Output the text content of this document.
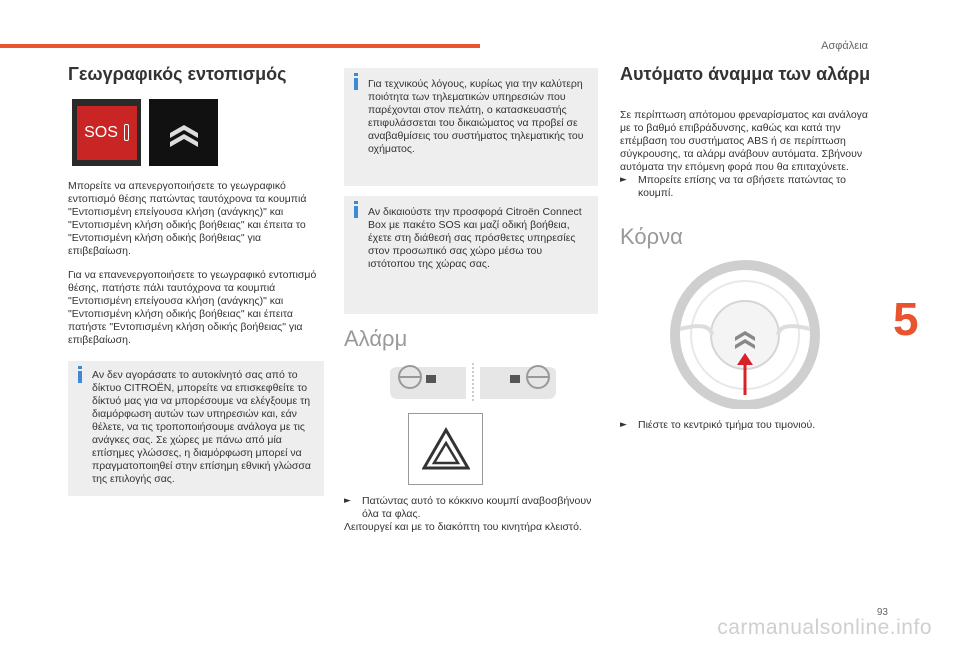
Ασφάλεια
5
93
carmanualsonline.info
Γεωγραφικός εντοπισμός
SOS

Μπορείτε να απενεργοποιήσετε το γεωγραφικό εντοπισμό θέσης πατώντας ταυτόχρονα τα κουμπιά "Εντοπισμένη επείγουσα κλήση (ανάγκης)" και "Εντοπισμένη κλήση οδικής βοήθειας" και έπειτα το "Εντοπισμένη κλήση οδικής βοήθειας" για επιβεβαίωση.

Για να επανενεργοποιήσετε το γεωγραφικό εντοπισμό θέσης, πατήστε πάλι ταυτόχρονα τα κουμπιά "Εντοπισμένη επείγουσα κλήση (ανάγκης)" και "Εντοπισμένη κλήση οδικής βοήθειας" και έπειτα πατήστε "Εντοπισμένη κλήση οδικής βοήθειας" για επιβεβαίωση.

Αν δεν αγοράσατε το αυτοκίνητό σας από το δίκτυο CITROËN, μπορείτε να επισκεφθείτε το δίκτυό μας για να μπορέσουμε να ελέγξουμε τη διαμόρφωση αυτών των υπηρεσιών και, εάν θέλετε, να τις τροποποιήσουμε ανάλογα με τις ανάγκες σας. Σε χώρες με πάνω από μία επίσημες γλώσσες, η διαμόρφωση μπορεί να πραγματοποιηθεί στην επίσημη εθνική γλώσσα της επιλογής σας.
Για τεχνικούς λόγους, κυρίως για την καλύτερη ποιότητα των τηλεματικών υπηρεσιών που παρέχονται στον πελάτη, ο κατασκευαστής επιφυλάσσεται του δικαιώματος να προβεί σε αναβαθμίσεις του συστήματος τηλεματικής του οχήματος.
Αν δικαιούστε την προσφορά Citroën Connect Box με πακέτο SOS και μαζί οδική βοήθεια, έχετε στη διάθεσή σας πρόσθετες υπηρεσίες στον προσωπικό σας χώρο μέσω του ιστότοπου της χώρας σας.
Αλάρμ
►	Πατώντας αυτό το κόκκινο κουμπί αναβοσβήνουν όλα τα φλας.

Λειτουργεί και με το διακόπτη του κινητήρα κλειστό.

Αυτόματο άναμμα των αλάρμ

Σε περίπτωση απότομου φρεναρίσματος και ανάλογα με το βαθμό επιβράδυνσης, καθώς και κατά την επέμβαση του συστήματος ABS ή σε περίπτωση σύγκρουσης, τα αλάρμ ανάβουν αυτόματα. Σβήνουν αυτόματα την επόμενη φορά που θα επιταχύνετε.

►	Μπορείτε επίσης να τα σβήσετε πατώντας το κουμπί.
Κόρνα
►	Πιέστε το κεντρικό τμήμα του τιμονιού.
